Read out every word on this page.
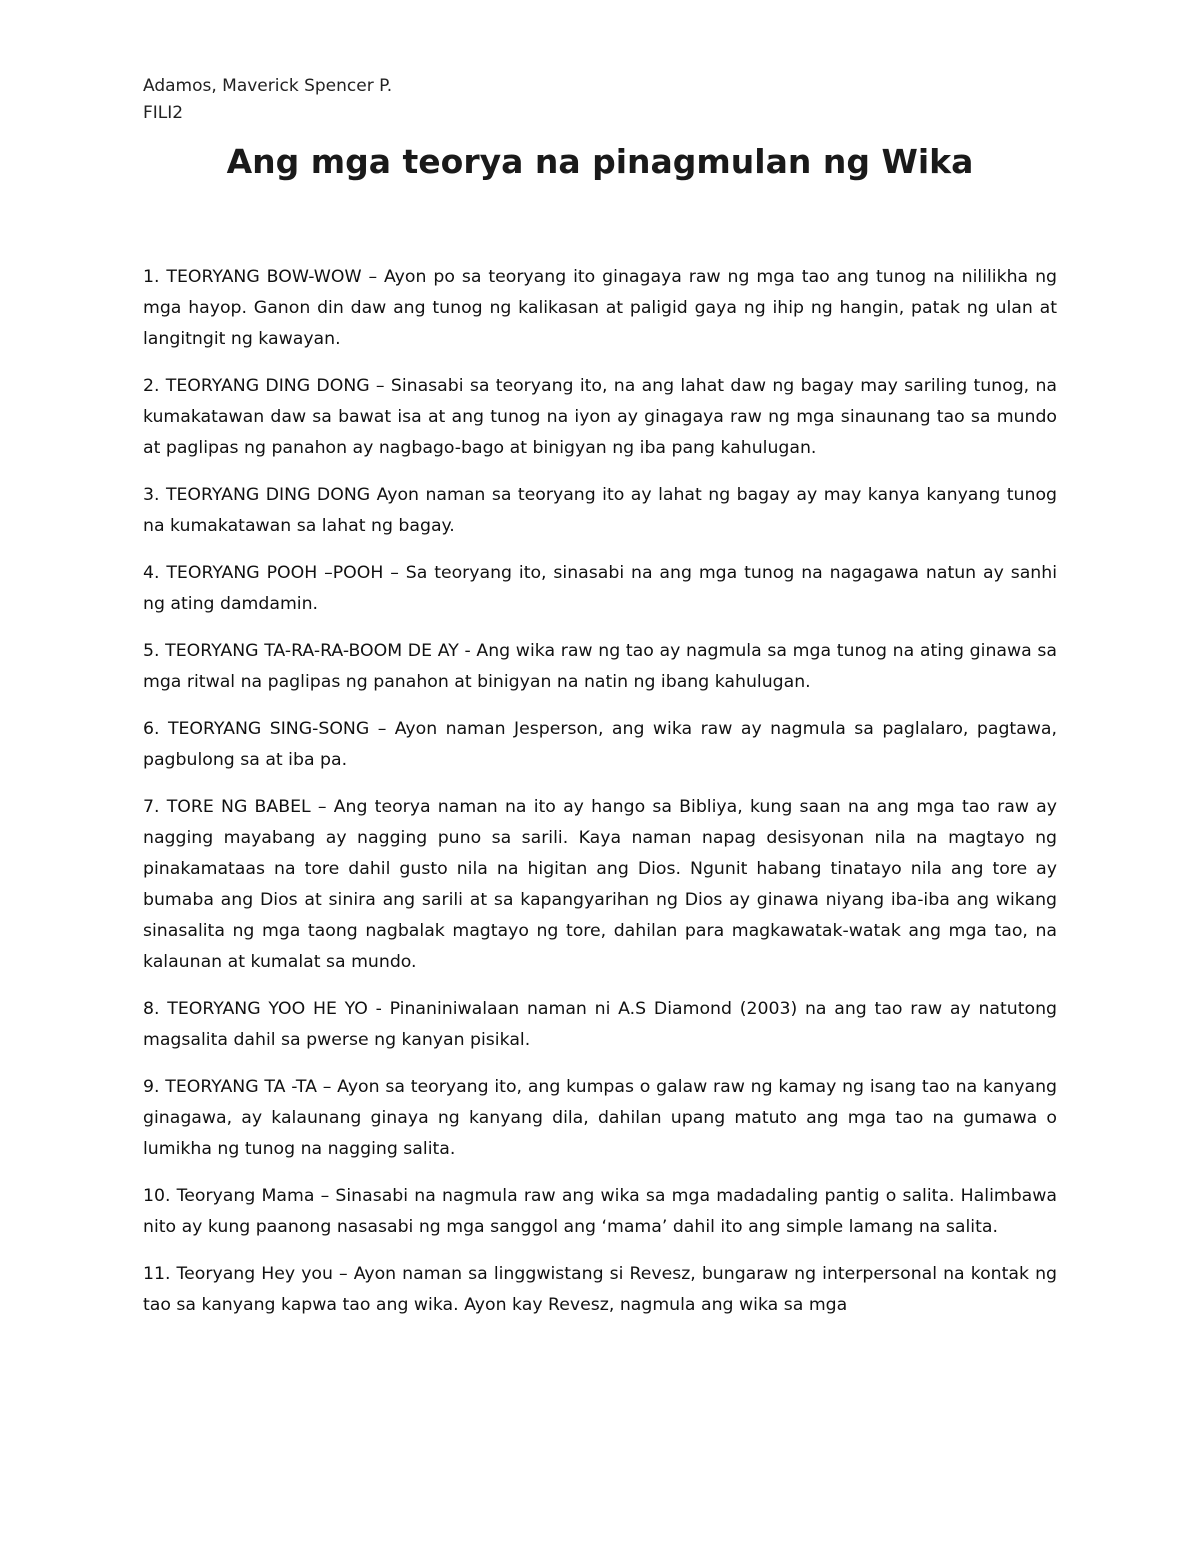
Adamos, Maverick Spencer P.
FILI2
Ang mga teorya na pinagmulan ng Wika

1. TEORYANG BOW-WOW – Ayon po sa teoryang ito ginagaya raw ng mga tao ang tunog na nililikha ng mga hayop. Ganon din daw ang tunog ng kalikasan at paligid gaya ng ihip ng hangin, patak ng ulan at langitngit ng kawayan.

2. TEORYANG DING DONG – Sinasabi sa teoryang ito, na ang lahat daw ng bagay may sariling tunog, na kumakatawan daw sa bawat isa at ang tunog na iyon ay ginagaya raw ng mga sinaunang tao sa mundo at paglipas ng panahon ay nagbago-bago at binigyan ng iba pang kahulugan.

3. TEORYANG DING DONG Ayon naman sa teoryang ito ay lahat ng bagay ay may kanya kanyang tunog na kumakatawan sa lahat ng bagay.

4. TEORYANG POOH –POOH – Sa teoryang ito, sinasabi na ang mga tunog na nagagawa natun ay sanhi ng ating damdamin.

5. TEORYANG TA-RA-RA-BOOM DE AY - Ang wika raw ng tao ay nagmula sa mga tunog na ating ginawa sa mga ritwal na paglipas ng panahon at binigyan na natin ng ibang kahulugan.

6. TEORYANG SING-SONG – Ayon naman Jesperson, ang wika raw ay nagmula sa paglalaro, pagtawa, pagbulong sa at iba pa.

7. TORE NG BABEL – Ang teorya naman na ito ay hango sa Bibliya, kung saan na ang mga tao raw ay nagging mayabang ay nagging puno sa sarili. Kaya naman napag desisyonan nila na magtayo ng pinakamataas na tore dahil gusto nila na higitan ang Dios. Ngunit habang tinatayo nila ang tore ay bumaba ang Dios at sinira ang sarili at sa kapangyarihan ng Dios ay ginawa niyang iba-iba ang wikang sinasalita ng mga taong nagbalak magtayo ng tore, dahilan para magkawatak-watak ang mga tao, na kalaunan at kumalat sa mundo.

8. TEORYANG YOO HE YO - Pinaniniwalaan naman ni A.S Diamond (2003) na ang tao raw ay natutong magsalita dahil sa pwerse ng kanyan pisikal.

9. TEORYANG TA -TA – Ayon sa teoryang ito, ang kumpas o galaw raw ng kamay ng isang tao na kanyang ginagawa, ay kalaunang ginaya ng kanyang dila, dahilan upang matuto ang mga tao na gumawa o lumikha ng tunog na nagging salita.

10. Teoryang Mama – Sinasabi na nagmula raw ang wika sa mga madadaling pantig o salita. Halimbawa nito ay kung paanong nasasabi ng mga sanggol ang ‘mama’ dahil ito ang simple lamang na salita.

11. Teoryang Hey you – Ayon naman sa linggwistang si Revesz, bungaraw ng interpersonal na kontak ng tao sa kanyang kapwa tao ang wika. Ayon kay Revesz, nagmula ang wika sa mga
